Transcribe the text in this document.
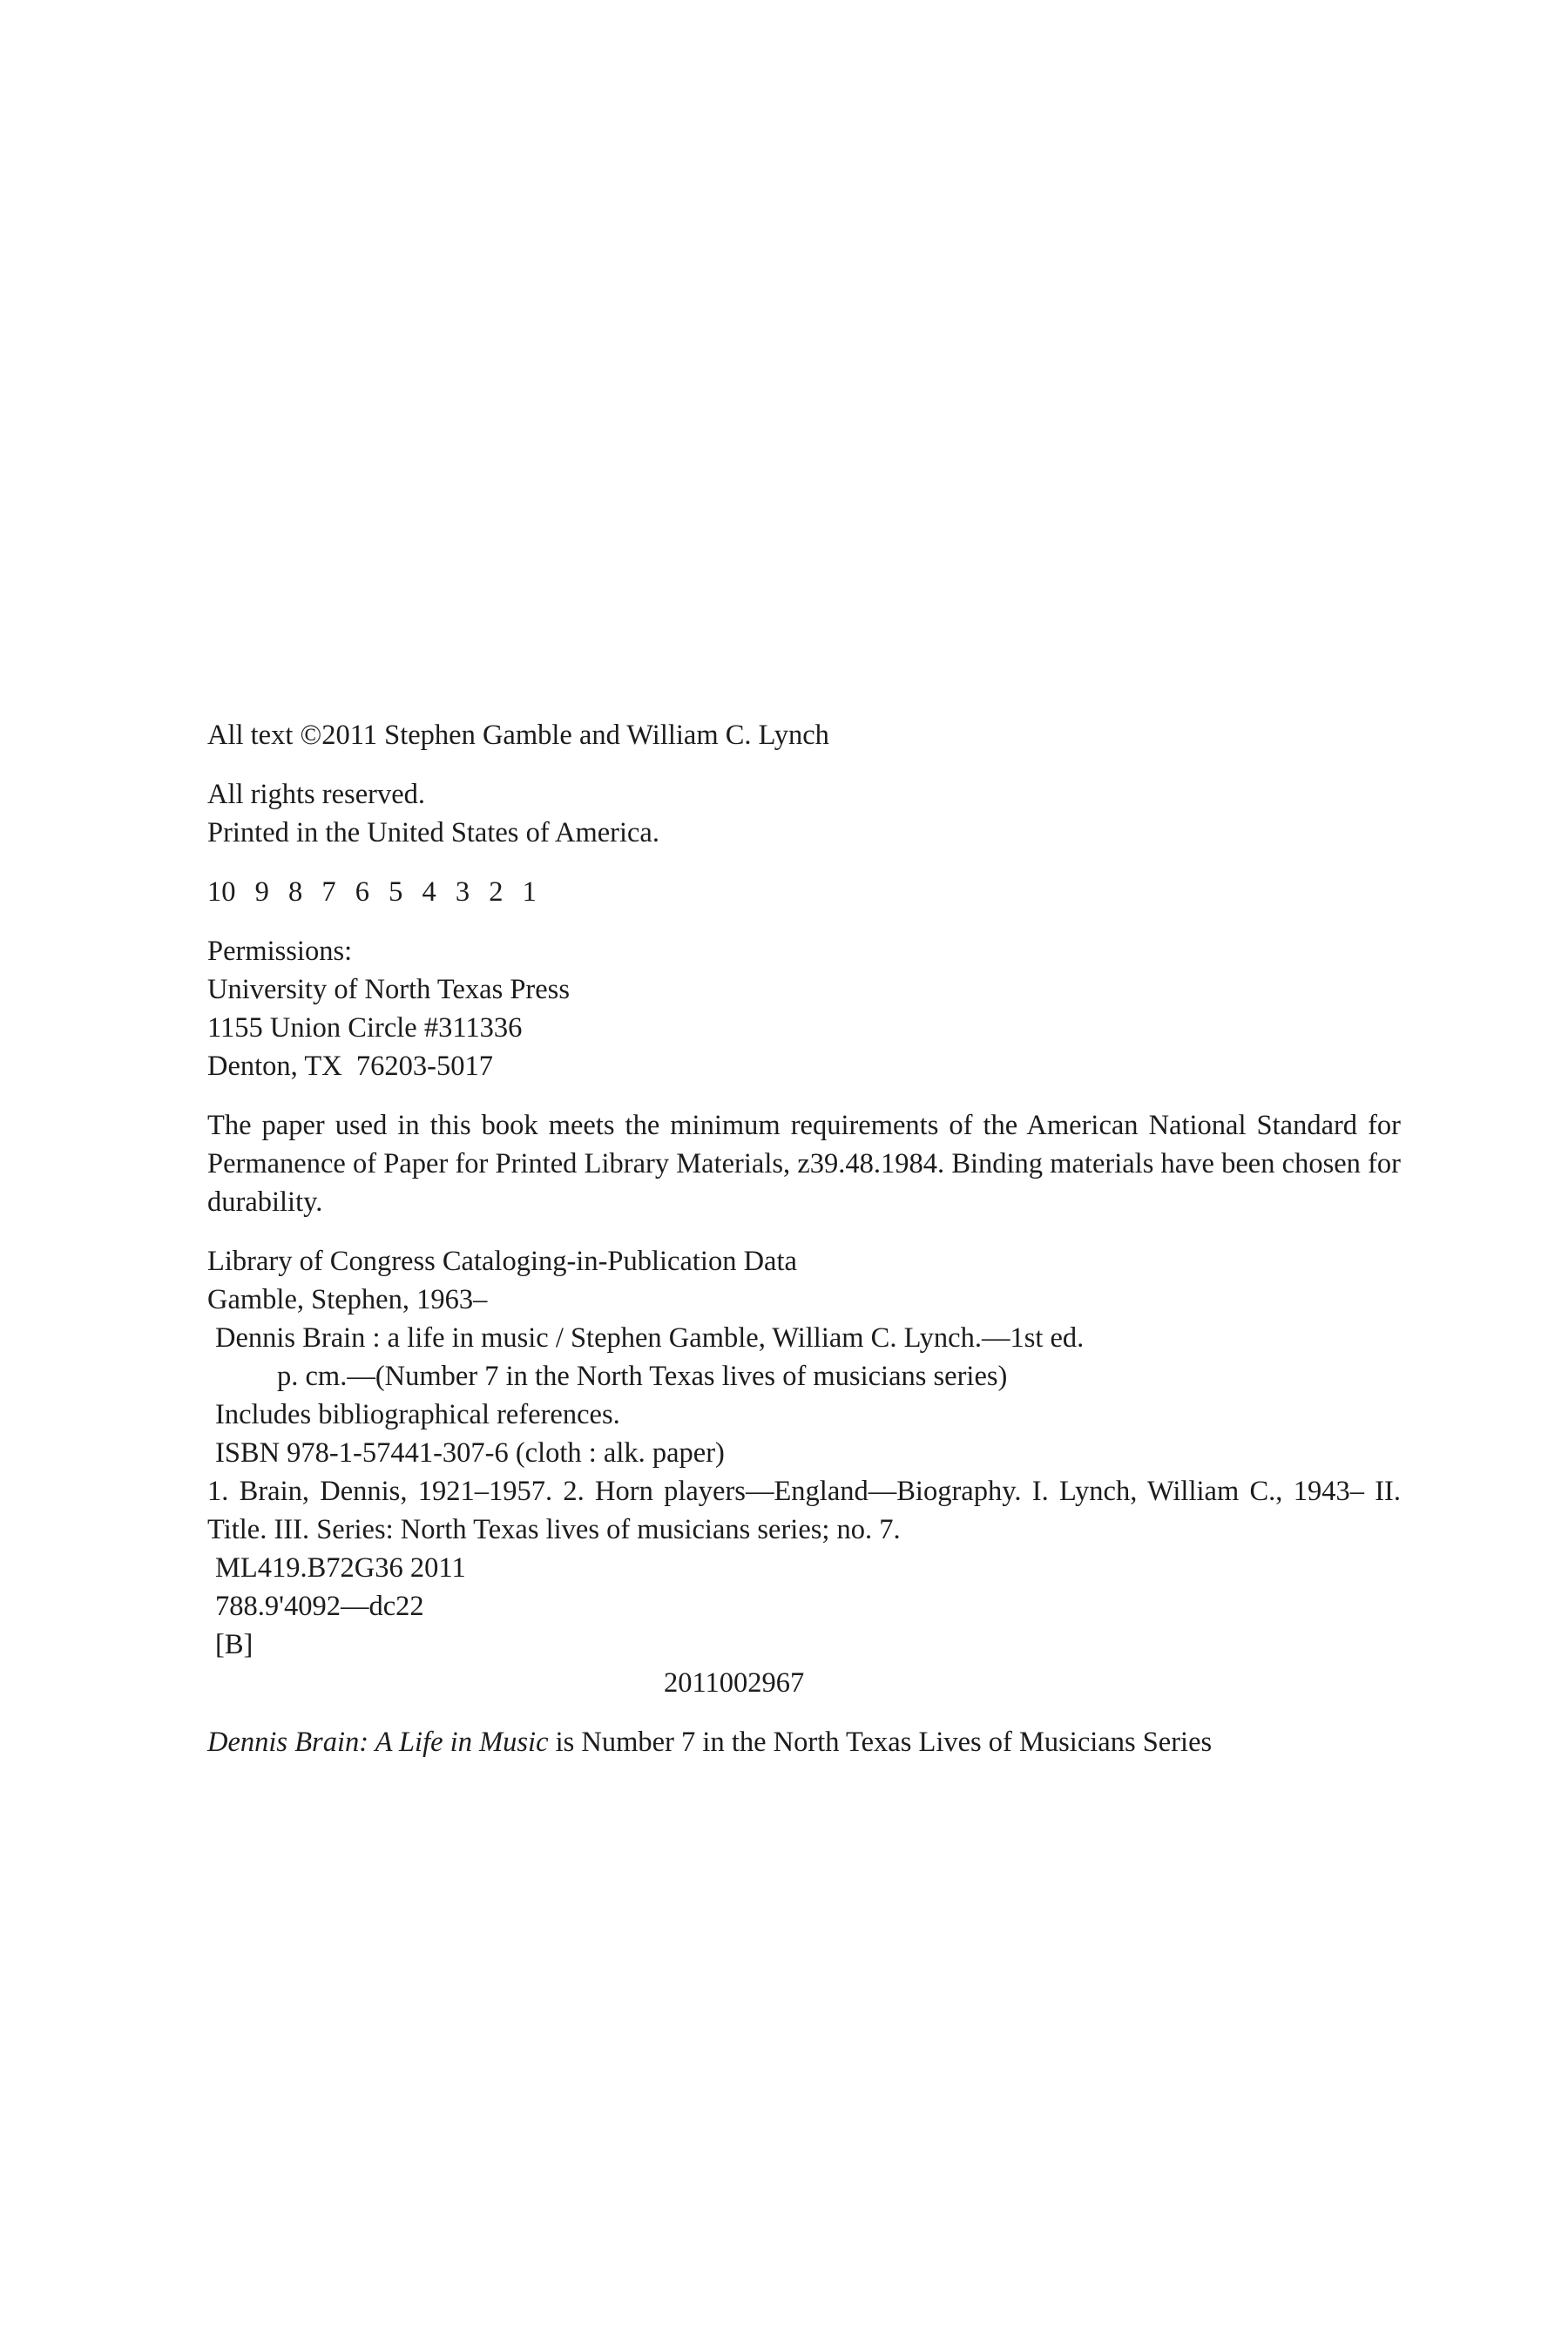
All text ©2011 Stephen Gamble and William C. Lynch
All rights reserved.
Printed in the United States of America.
10 9 8 7 6 5 4 3 2 1
Permissions:
University of North Texas Press
1155 Union Circle #311336
Denton, TX  76203-5017
The paper used in this book meets the minimum requirements of the American National Standard for Permanence of Paper for Printed Library Materials, z39.48.1984. Binding materials have been chosen for durability.
Library of Congress Cataloging-in-Publication Data
Gamble, Stephen, 1963–
Dennis Brain : a life in music / Stephen Gamble, William C. Lynch.—1st ed.
p. cm.—(Number 7 in the North Texas lives of musicians series)
Includes bibliographical references.
ISBN 978-1-57441-307-6 (cloth : alk. paper)
1. Brain, Dennis, 1921–1957. 2. Horn players—England—Biography. I. Lynch, William C., 1943– II. Title. III. Series: North Texas lives of musicians series; no. 7.
ML419.B72G36 2011
788.9'4092—dc22
[B]
2011002967
Dennis Brain: A Life in Music is Number 7 in the North Texas Lives of Musicians Series
